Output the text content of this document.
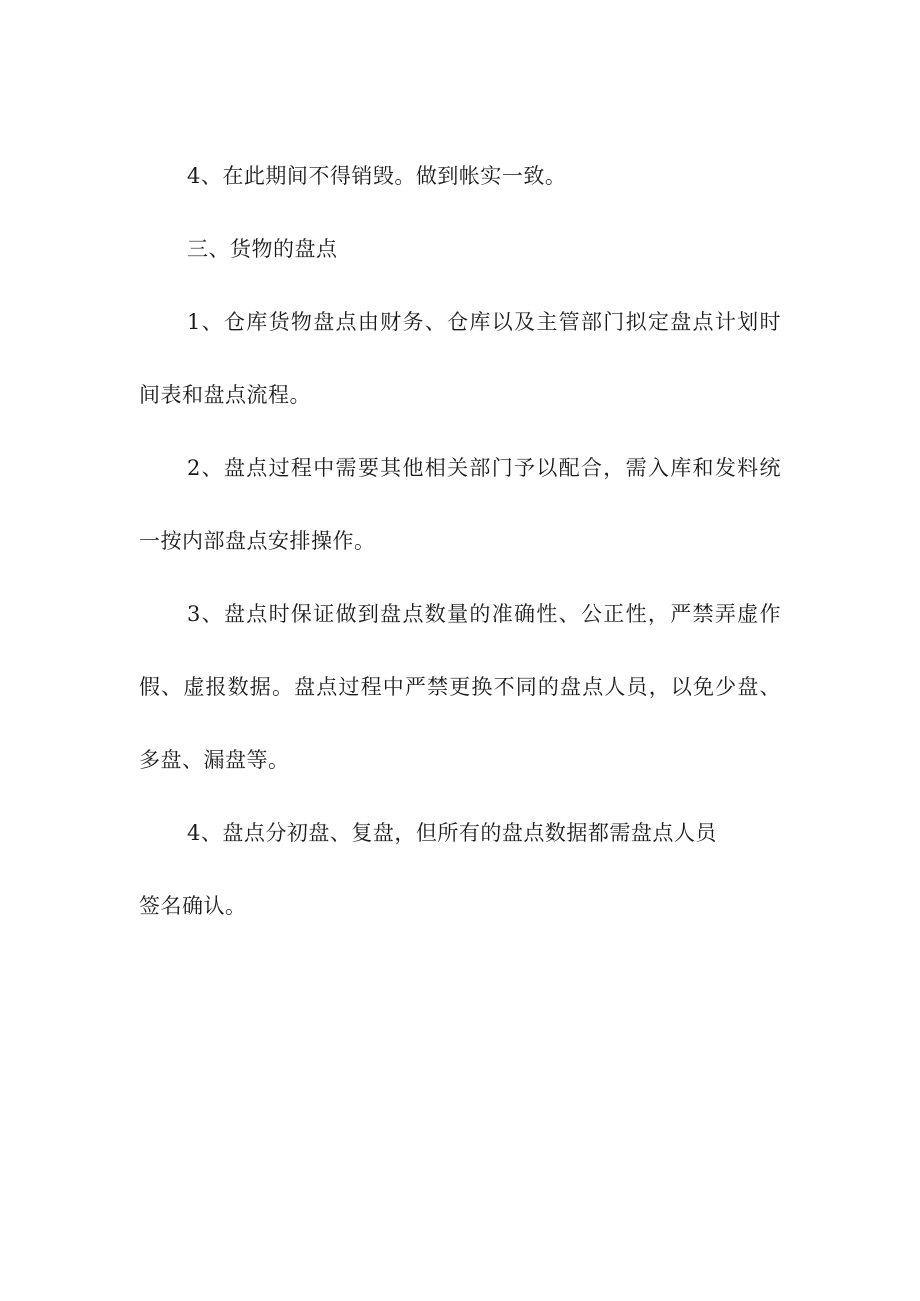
4、在此期间不得销毁。做到帐实一致。

三、货物的盘点

1、仓库货物盘点由财务、仓库以及主管部门拟定盘点计划时间表和盘点流程。

2、盘点过程中需要其他相关部门予以配合，需入库和发料统一按内部盘点安排操作。

3、盘点时保证做到盘点数量的准确性、公正性，严禁弄虚作假、虚报数据。盘点过程中严禁更换不同的盘点人员，以免少盘、多盘、漏盘等。

4、盘点分初盘、复盘，但所有的盘点数据都需盘点人员

签名确认。
